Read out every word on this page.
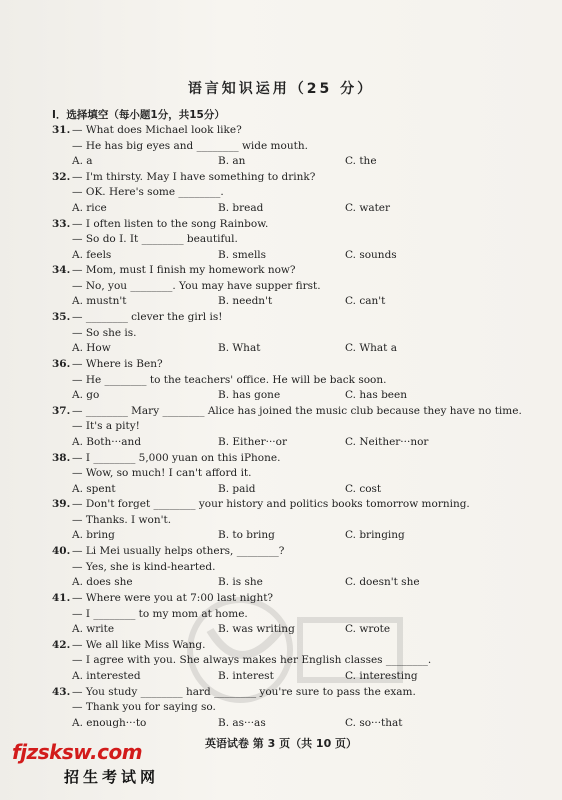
语言知识运用（25 分）
I．选择填空（每小题1分，共15分）
31. — What does Michael look like?
— He has big eyes and ________ wide mouth.
A. a	B. an	C. the
32. — I'm thirsty. May I have something to drink?
— OK. Here's some ________.
A. rice	B. bread	C. water
33. — I often listen to the song Rainbow.
— So do I. It ________ beautiful.
A. feels	B. smells	C. sounds
34. — Mom, must I finish my homework now?
— No, you ________. You may have supper first.
A. mustn't	B. needn't	C. can't
35. — ________ clever the girl is!
— So she is.
A. How	B. What	C. What a
36. — Where is Ben?
— He ________ to the teachers' office. He will be back soon.
A. go	B. has gone	C. has been
37. — ________ Mary ________ Alice has joined the music club because they have no time.
— It's a pity!
A. Both···and	B. Either···or	C. Neither···nor
38. — I ________ 5,000 yuan on this iPhone.
— Wow, so much! I can't afford it.
A. spent	B. paid	C. cost
39. — Don't forget ________ your history and politics books tomorrow morning.
— Thanks. I won't.
A. bring	B. to bring	C. bringing
40. — Li Mei usually helps others, ________?
— Yes, she is kind-hearted.
A. does she	B. is she	C. doesn't she
41. — Where were you at 7:00 last night?
— I ________ to my mom at home.
A. write	B. was writing	C. wrote
42. — We all like Miss Wang.
— I agree with you. She always makes her English classes ________.
A. interested	B. interest	C. interesting
43. — You study ________ hard ________ you're sure to pass the exam.
— Thank you for saying so.
A. enough···to	B. as···as	C. so···that
英语试卷 第 3 页（共 10 页）
fjzsksw.com
招生考试网
